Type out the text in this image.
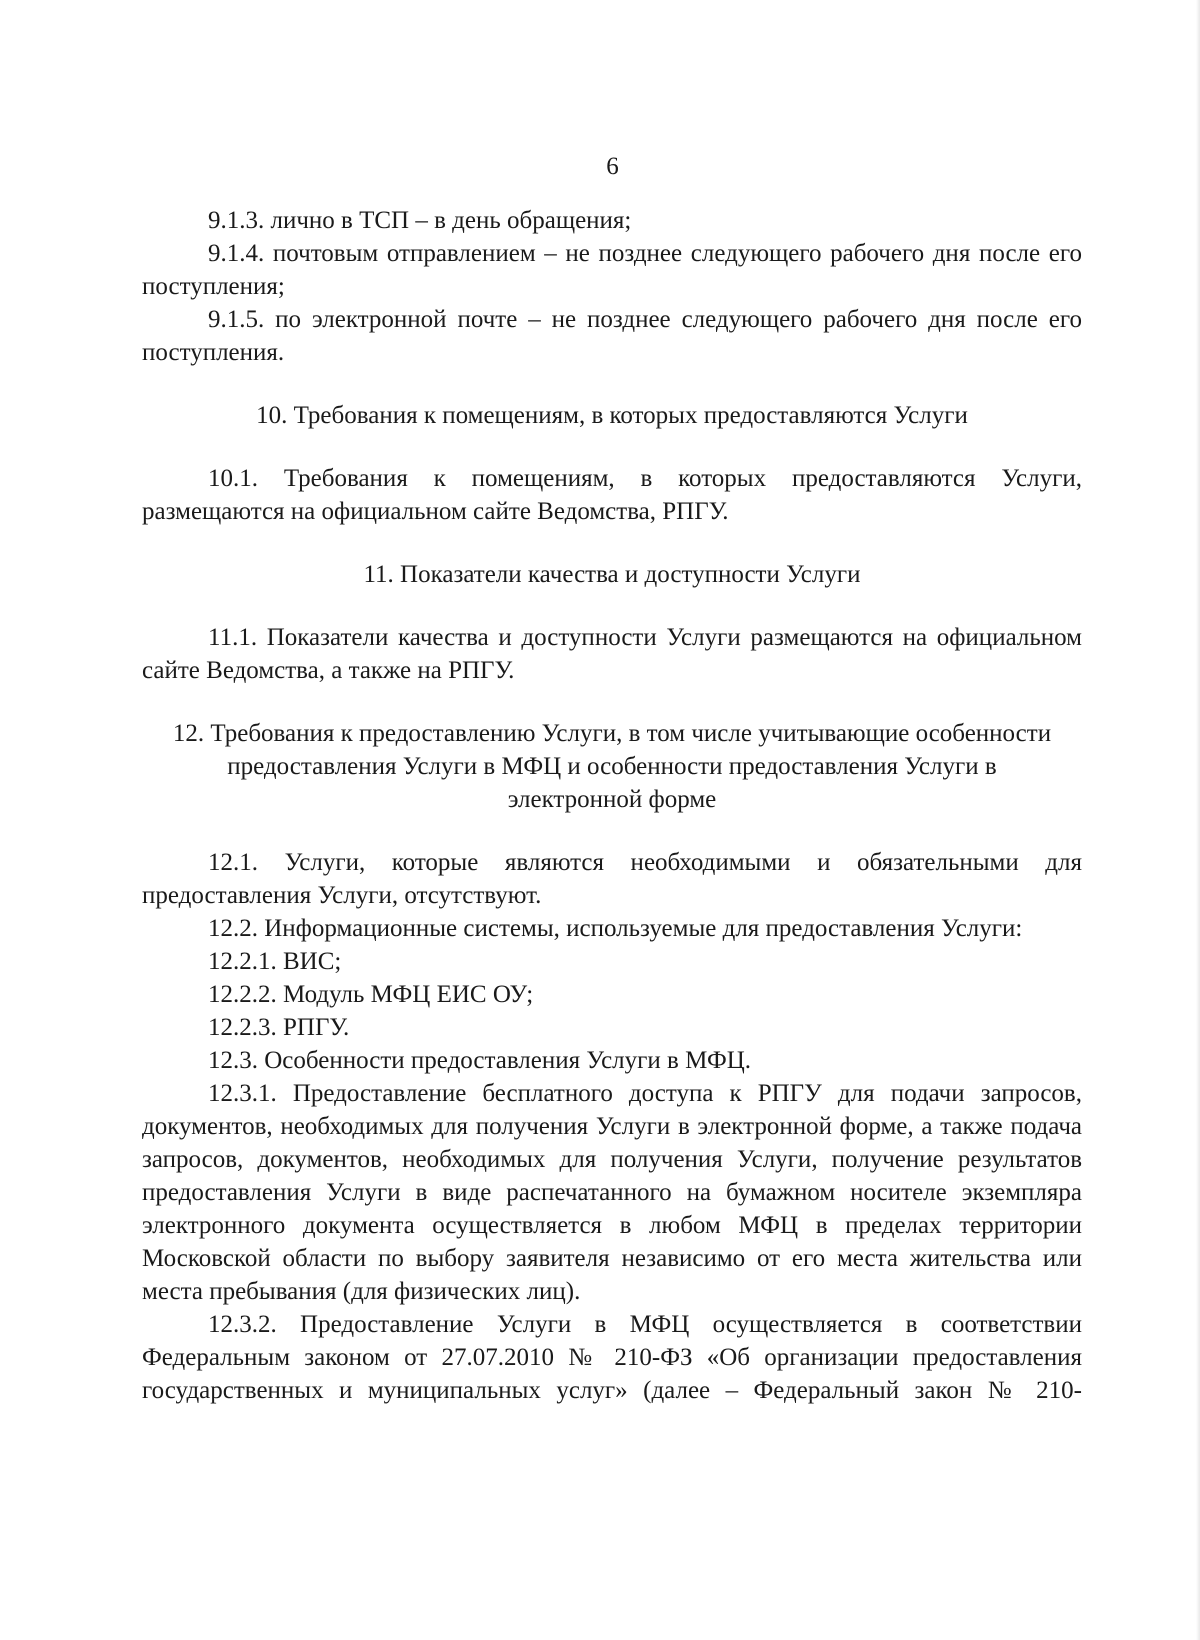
6

9.1.3. лично в ТСП – в день обращения;

9.1.4. почтовым отправлением – не позднее следующего рабочего дня после его поступления;

9.1.5. по электронной почте – не позднее следующего рабочего дня после его поступления.

10. Требования к помещениям, в которых предоставляются Услуги

10.1. Требования к помещениям, в которых предоставляются Услуги, размещаются на официальном сайте Ведомства, РПГУ.

11. Показатели качества и доступности Услуги

11.1. Показатели качества и доступности Услуги размещаются на официальном сайте Ведомства, а также на РПГУ.

12. Требования к предоставлению Услуги, в том числе учитывающие особенности предоставления Услуги в МФЦ и особенности предоставления Услуги в электронной форме

12.1. Услуги, которые являются необходимыми и обязательными для предоставления Услуги, отсутствуют.

12.2. Информационные системы, используемые для предоставления Услуги:

12.2.1. ВИС;

12.2.2. Модуль МФЦ ЕИС ОУ;

12.2.3. РПГУ.

12.3. Особенности предоставления Услуги в МФЦ.

12.3.1. Предоставление бесплатного доступа к РПГУ для подачи запросов, документов, необходимых для получения Услуги в электронной форме, а также подача запросов, документов, необходимых для получения Услуги, получение результатов предоставления Услуги в виде распечатанного на бумажном носителе экземпляра электронного документа осуществляется в любом МФЦ в пределах территории Московской области по выбору заявителя независимо от его места жительства или места пребывания (для физических лиц).

12.3.2. Предоставление Услуги в МФЦ осуществляется в соответствии Федеральным законом от 27.07.2010 № 210-ФЗ «Об организации предоставления государственных и муниципальных услуг» (далее – Федеральный закон № 210-
